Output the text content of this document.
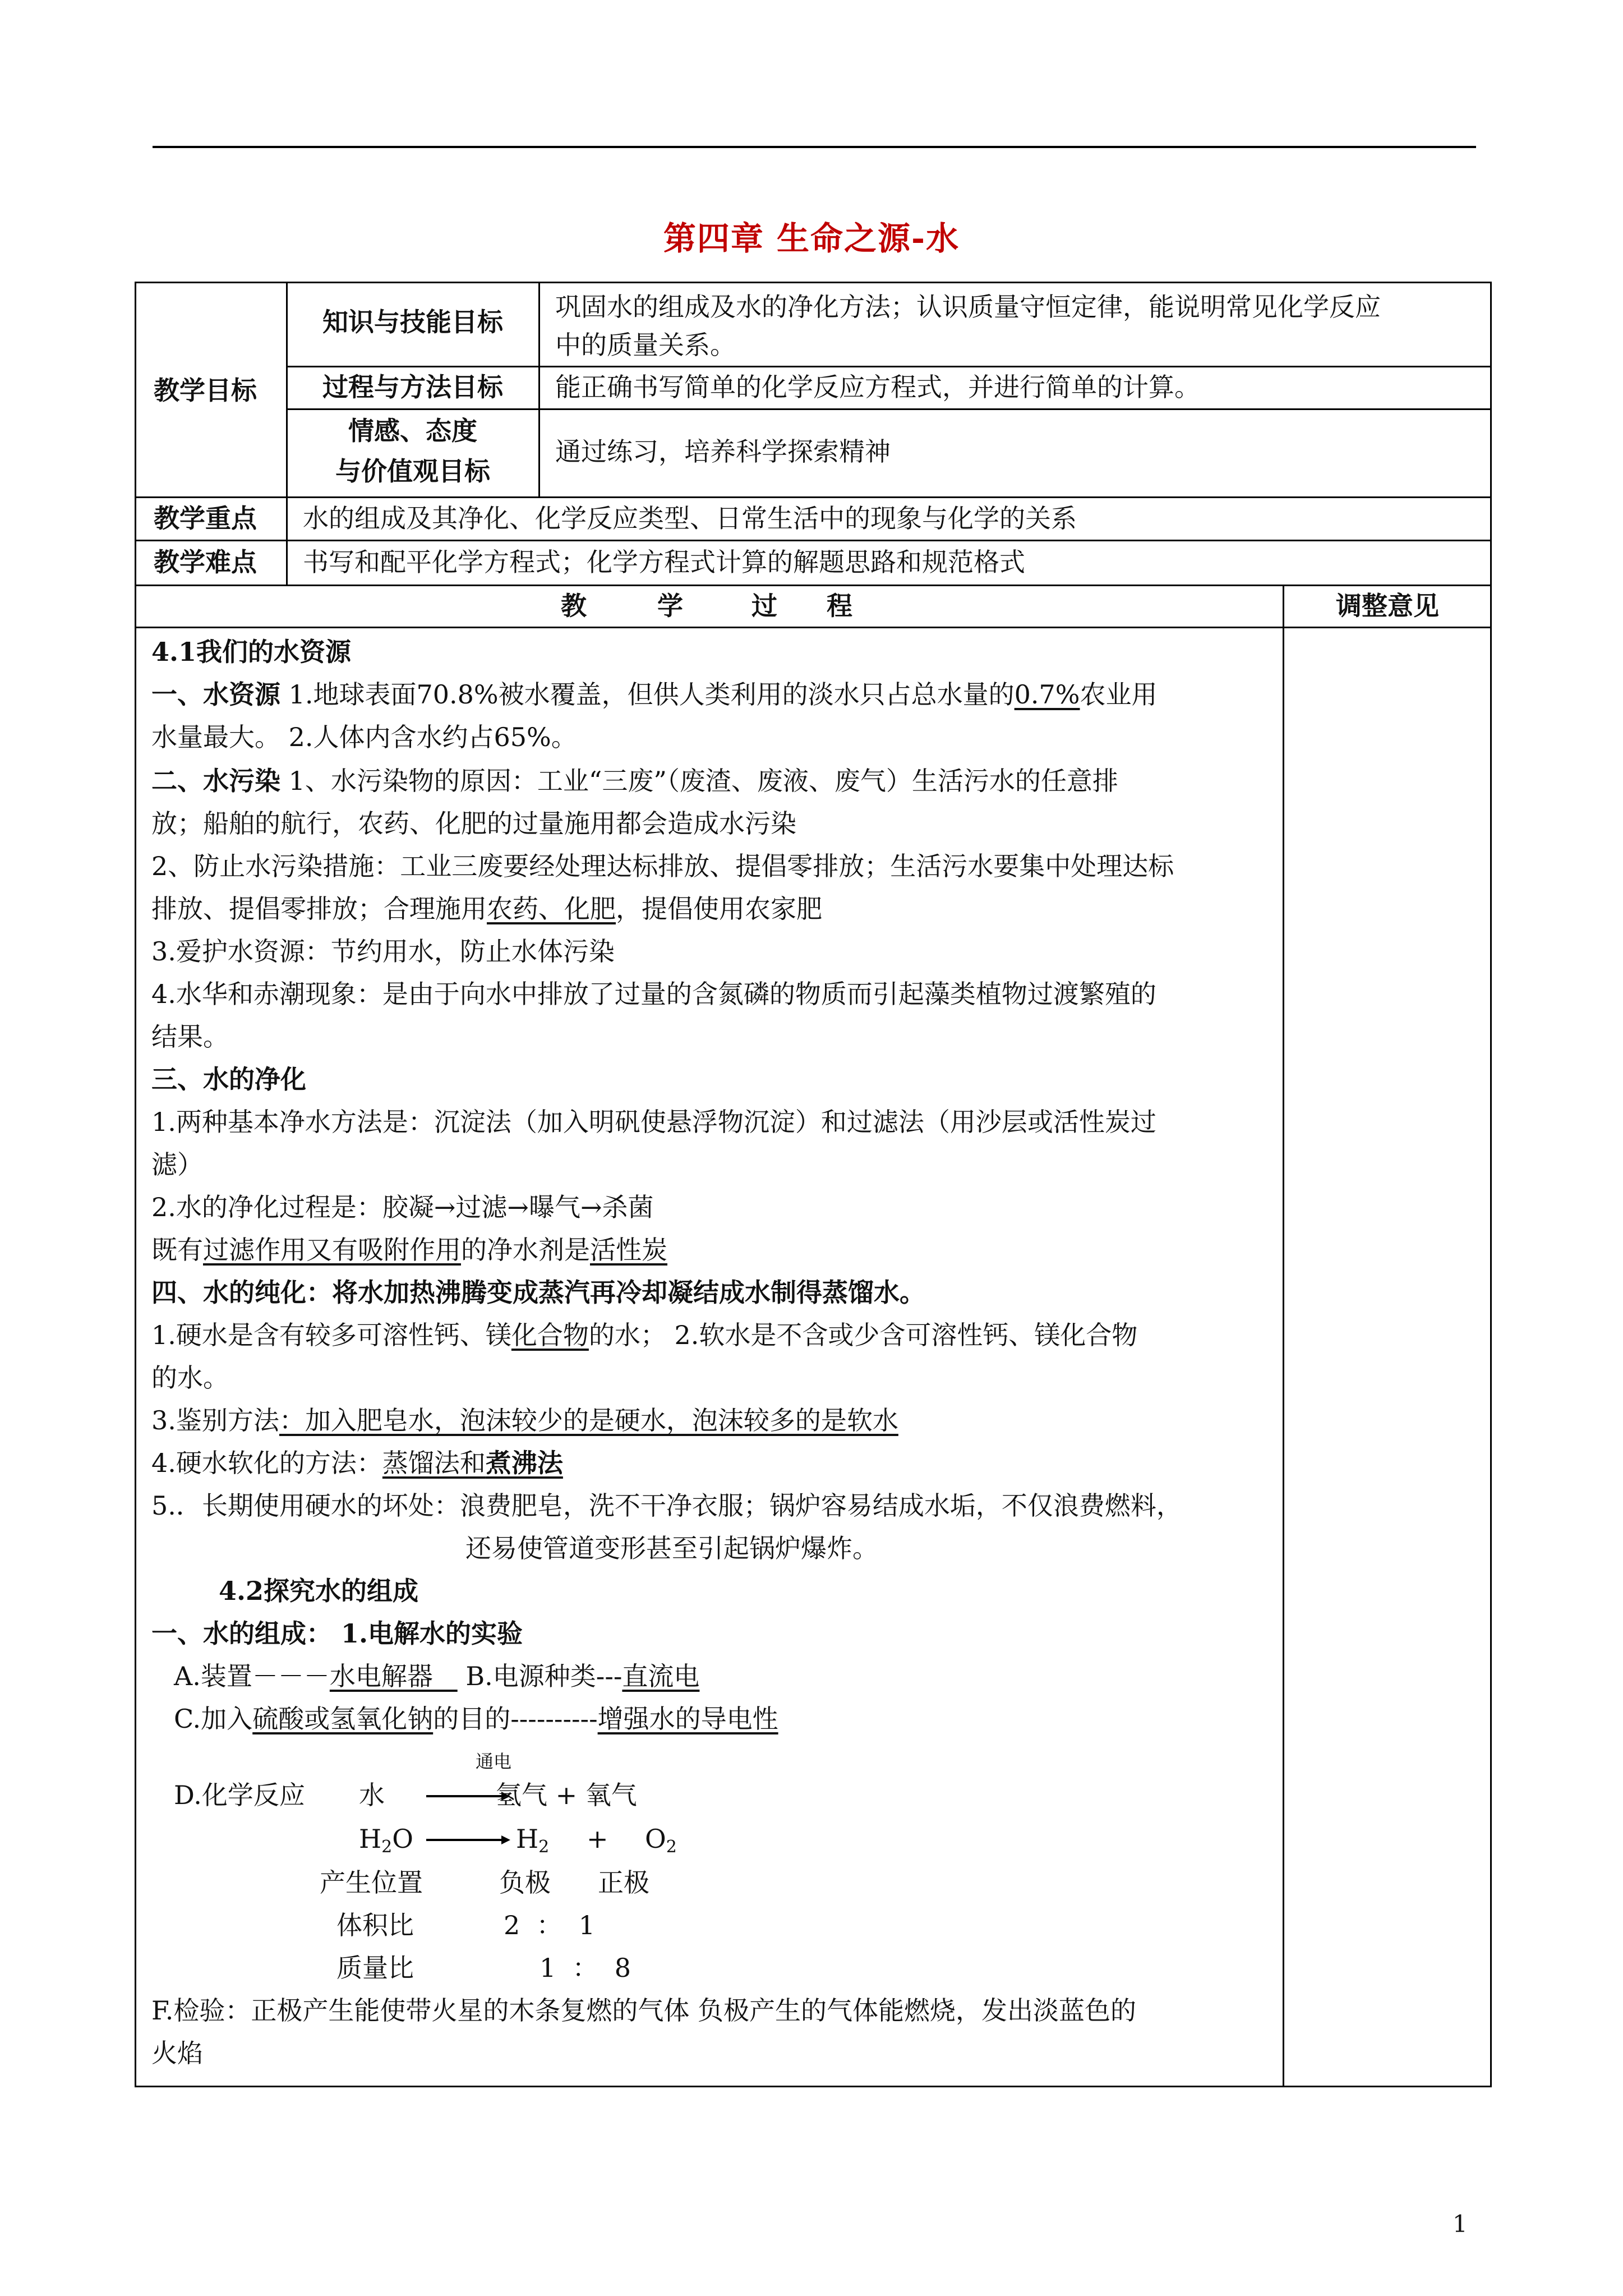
第四章 生命之源-水
教学目标
知识与技能目标	巩固水的组成及水的净化方法；认识质量守恒定律，能说明常见化学反应
中的质量关系。
过程与方法目标	能正确书写简单的化学反应方程式，并进行简单的计算。
情感、态度
与价值观目标
通过练习，培养科学探索精神
教学重点 水的组成及其净化、化学反应类型、日常生活中的现象与化学的关系
教学难点 书写和配平化学方程式；化学方程式计算的解题思路和规范格式
教	学	过 程	调整意见
4.1我们的水资源
一、水资源 1.地球表面70.8%被水覆盖，但供人类利用的淡水只占总水量的0.7%农业用
水量最大。 2.人体内含水约占65%。
二、水污染 1、水污染物的原因：工业“三废”（废渣、废液、废气）生活污水的任意排
放；船舶的航行，农药、化肥的过量施用都会造成水污染
2、防止水污染措施：工业三废要经处理达标排放、提倡零排放；生活污水要集中处理达标
排放、提倡零排放；合理施用农药、化肥，提倡使用农家肥
3.爱护水资源：节约用水，防止水体污染
4.水华和赤潮现象：是由于向水中排放了过量的含氮磷的物质而引起藻类植物过渡繁殖的
结果。
三、水的净化
1.两种基本净水方法是：沉淀法（加入明矾使悬浮物沉淀）和过滤法（用沙层或活性炭过
滤）
2.水的净化过程是：胶凝→过滤→曝气→杀菌
既有过滤作用又有吸附作用的净水剂是活性炭
四、水的纯化：将水加热沸腾变成蒸汽再冷却凝结成水制得蒸馏水。
1.硬水是含有较多可溶性钙、镁化合物的水； 2.软水是不含或少含可溶性钙、镁化合物
的水。
3.鉴别方法：加入肥皂水，泡沫较少的是硬水，泡沫较多的是软水
4.硬水软化的方法：蒸馏法和煮沸法
5.．长期使用硬水的坏处：浪费肥皂，洗不干净衣服；锅炉容易结成水垢，不仅浪费燃料，
还易使管道变形甚至引起锅炉爆炸。
4.2探究水的组成
一、水的组成： 1.电解水的实验
A.装置－－－水电解器    B.电源种类---直流电
C.加入硫酸或氢氧化钠的目的----------增强水的导电性
通电
D.化学反应 水	氢气 + 氧气
$H_2O$	$H_2 + O_2$
产生位置	负极 正极
体积比	2  ：  1
质量比	1  ：  8
F.检验：正极产生能使带火星的木条复燃的气体 负极产生的气体能燃烧，发出淡蓝色的
火焰
1
